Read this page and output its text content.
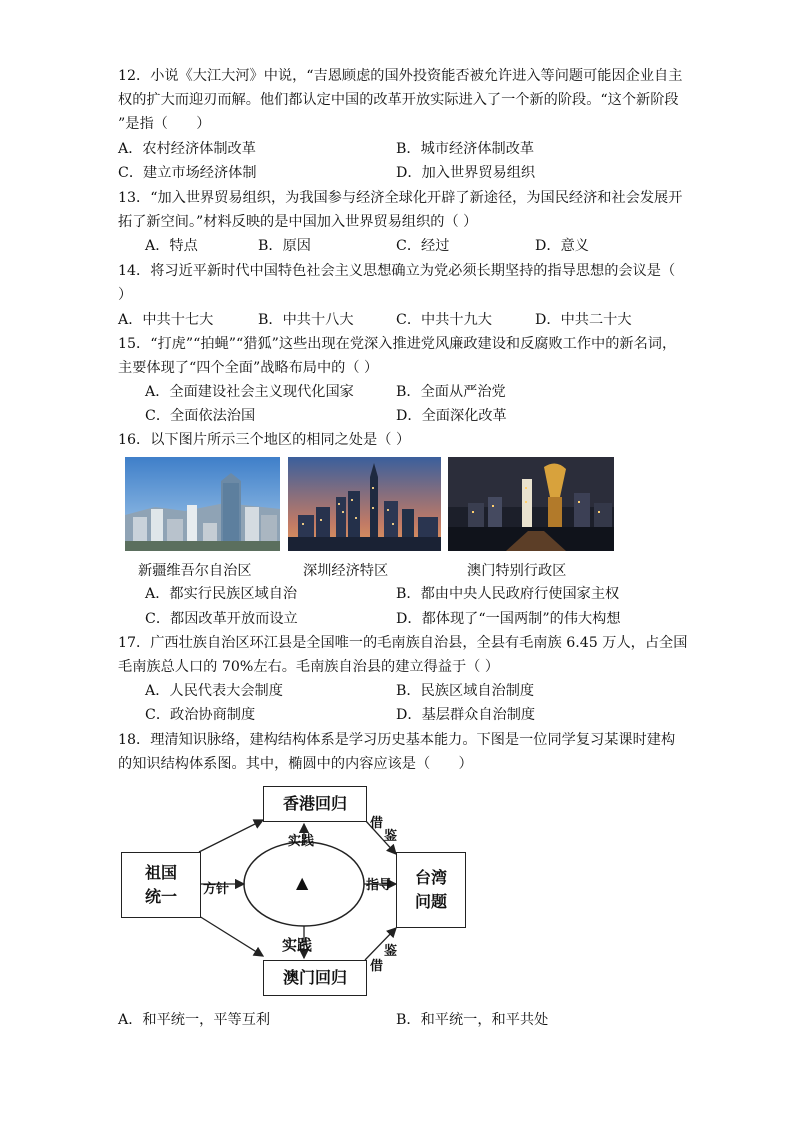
12．小说《大江大河》中说，“吉恩顾虑的国外投资能否被允许进入等问题可能因企业自主
权的扩大而迎刃而解。他们都认定中国的改革开放实际进入了一个新的阶段。“这个新阶段
”是指（　　）
A．农村经济体制改革	B．城市经济体制改革
C．建立市场经济体制	D．加入世界贸易组织
13．“加入世界贸易组织，为我国参与经济全球化开辟了新途径，为国民经济和社会发展开
拓了新空间。”材料反映的是中国加入世界贸易组织的（ ）
A．特点	B．原因	C．经过	D．意义
14．将习近平新时代中国特色社会主义思想确立为党必须长期坚持的指导思想的会议是（
）
A．中共十七大	B．中共十八大	C．中共十九大	D．中共二十大
15．“打虎”“拍蝇”“猎狐”这些出现在党深入推进党风廉政建设和反腐败工作中的新名词，
主要体现了“四个全面”战略布局中的（ ）
A．全面建设社会主义现代化国家	B．全面从严治党
C．全面依法治国	D．全面深化改革
16．以下图片所示三个地区的相同之处是（ ）
新疆维吾尔自治区	深圳经济特区	澳门特别行政区
A．都实行民族区域自治	B．都由中央人民政府行使国家主权
C．都因改革开放而设立	D．都体现了“一国两制”的伟大构想
17．广西壮族自治区环江县是全国唯一的毛南族自治县，全县有毛南族 6.45 万人，占全国
毛南族总人口的 70%左右。毛南族自治县的建立得益于（ ）
A．人民代表大会制度	B．民族区域自治制度
C．政治协商制度	D．基层群众自治制度
18．理清知识脉络，建构结构体系是学习历史基本能力。下图是一位同学复习某课时建构
的知识结构体系图。其中，椭圆中的内容应该是（　　）
祖国
统一
香港回归
澳门回归
台湾
问题
▲
实践
实践
方针	指导
借
鉴
鉴
借
A．和平统一，平等互利	B．和平统一，和平共处
